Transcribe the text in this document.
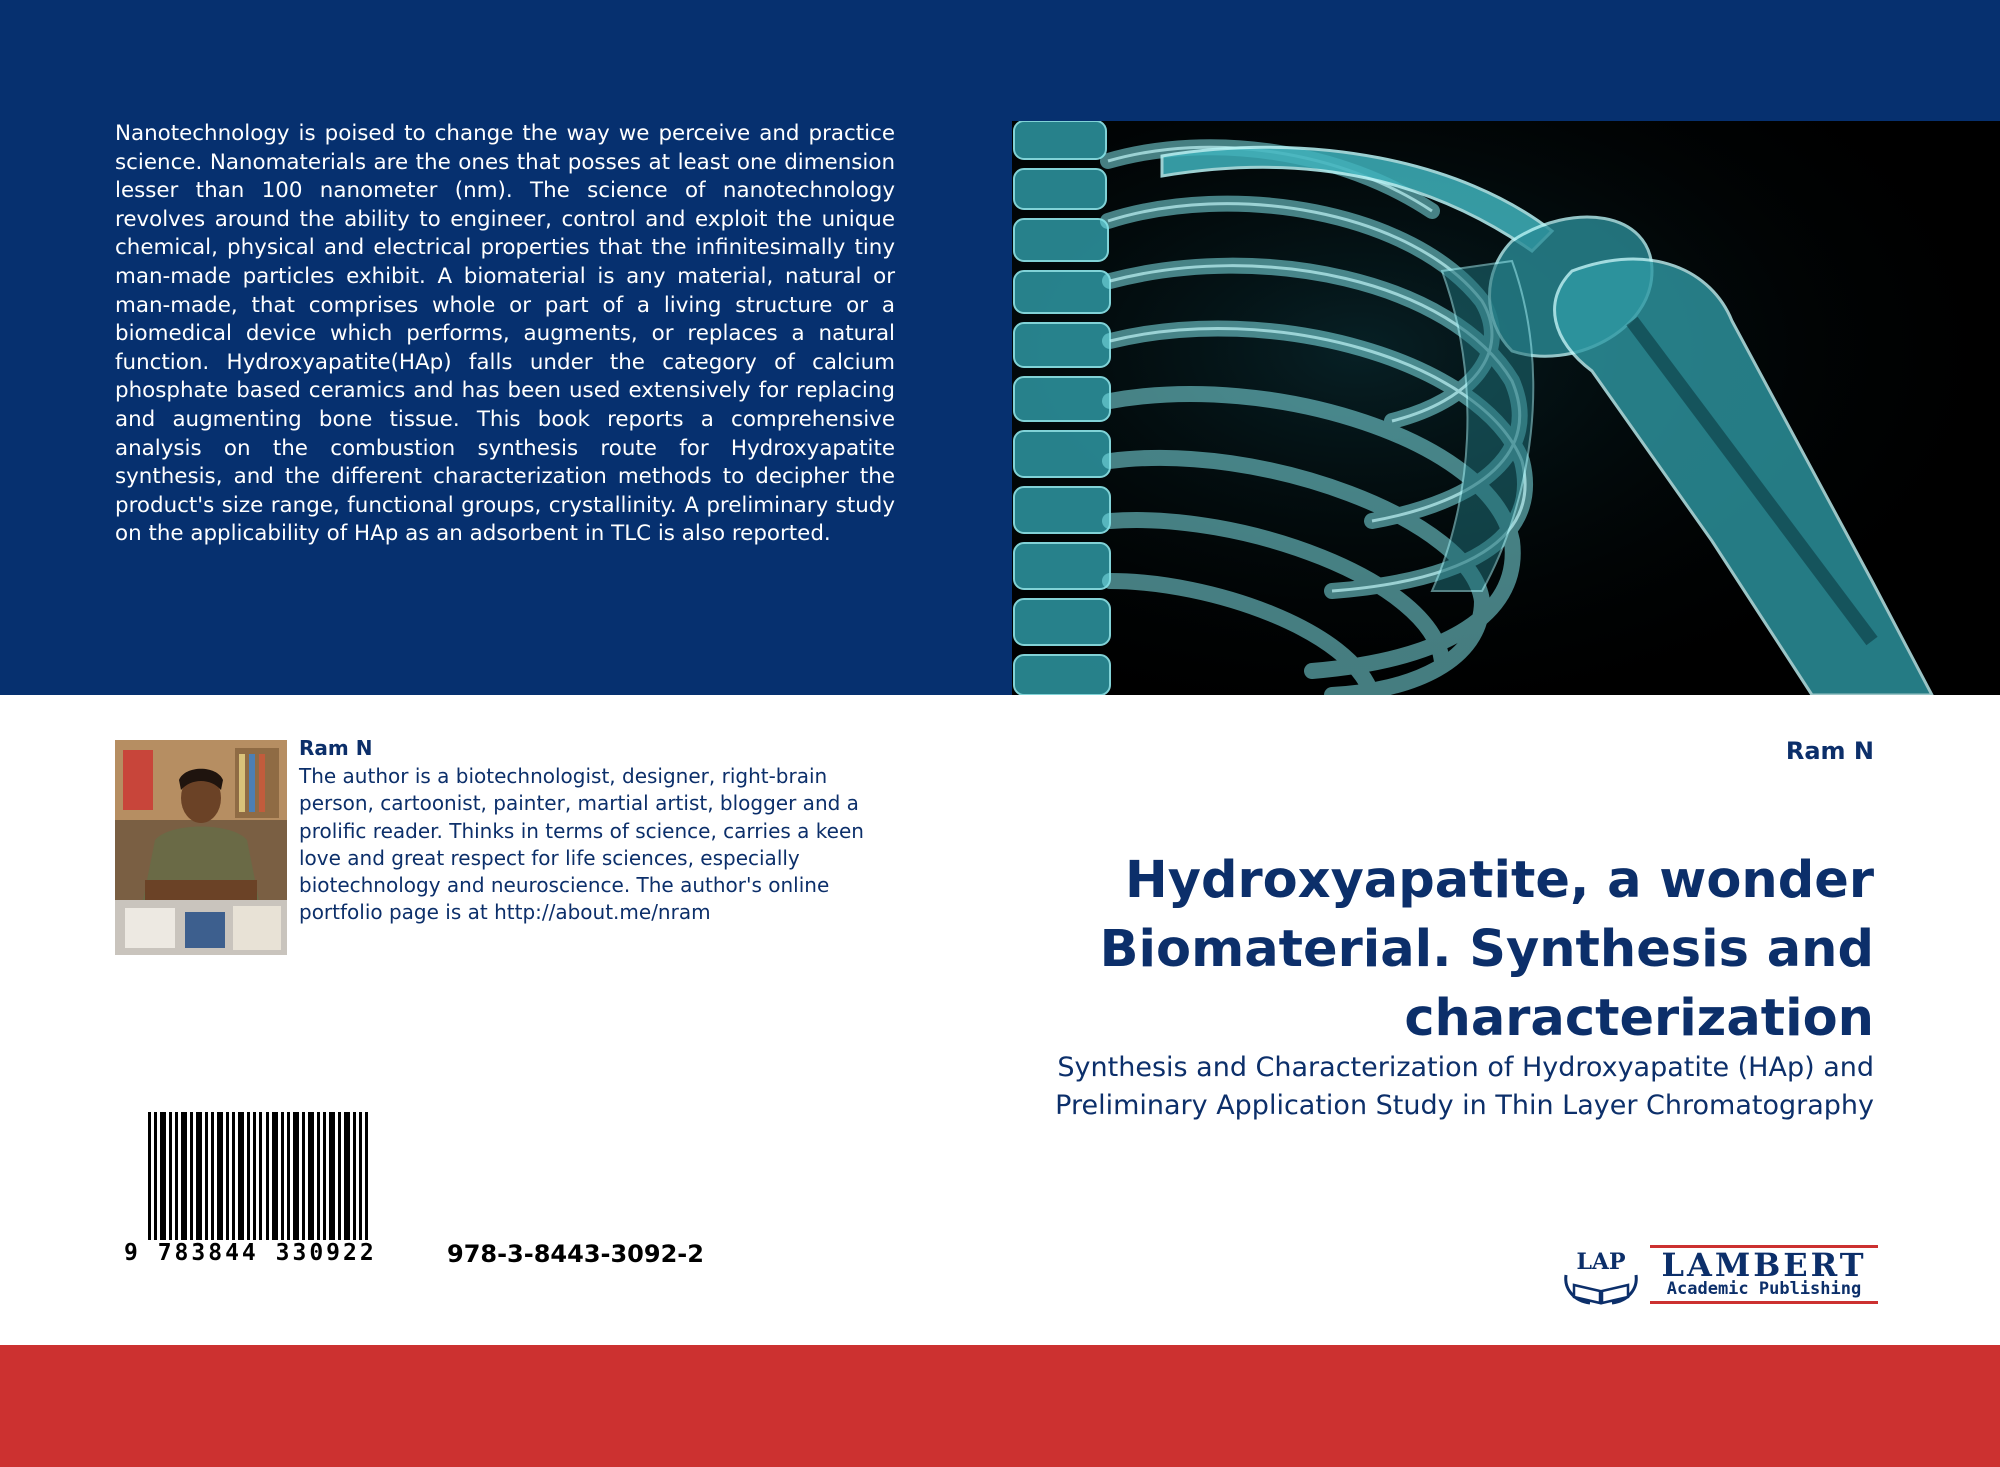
Nanotechnology is poised to change the way we perceive and practice science. Nanomaterials are the ones that posses at least one dimension lesser than 100 nanometer (nm). The science of nanotechnology revolves around the ability to engineer, control and exploit the unique chemical, physical and electrical properties that the infinitesimally tiny man-made particles exhibit. A biomaterial is any material, natural or man-made, that comprises whole or part of a living structure or a biomedical device which performs, augments, or replaces a natural function. Hydroxyapatite(HAp) falls under the category of calcium phosphate based ceramics and has been used extensively for replacing and augmenting bone tissue. This book reports a comprehensive analysis on the combustion synthesis route for Hydroxyapatite synthesis, and the different characterization methods to decipher the product's size range, functional groups, crystallinity. A preliminary study on the applicability of HAp as an adsorbent in TLC is also reported.

Ram N

The author is a biotechnologist, designer, right-brain person, cartoonist, painter, martial artist, blogger and a prolific reader. Thinks in terms of science, carries a keen love and great respect for life sciences, especially biotechnology and neuroscience. The author's online portfolio page is at http://about.me/nram

Ram N

Hydroxyapatite, a wonder Biomaterial. Synthesis and characterization

Synthesis and Characterization of Hydroxyapatite (HAp) and Preliminary Application Study in Thin Layer Chromatography

9 783844 330922	978-3-8443-3092-2	LAP	LAMBERT
Academic Publishing
